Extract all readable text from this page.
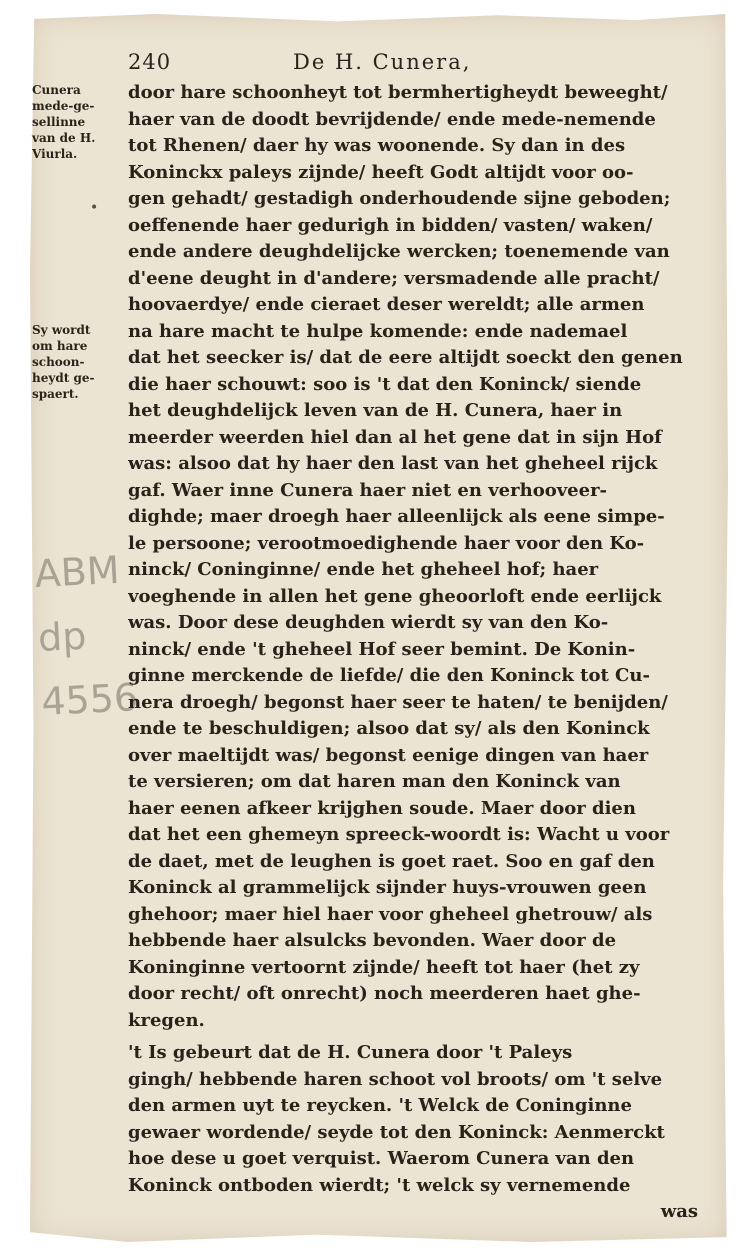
240	De H. Cunera,
Cunera
mede-ge-
sellinne
van de H.
Viurla.
•
Sy wordt
om hare
schoon-
heydt ge-
spaert.
ABM
dp
4556
door hare schoonheyt tot bermhertigheydt beweeght/
haer van de doodt bevrijdende/ ende mede-nemende
tot Rhenen/ daer hy was woonende. Sy dan in des
Koninckx paleys zijnde/ heeft Godt altijdt voor oo-
gen gehadt/ gestadigh onderhoudende sijne geboden;
oeffenende haer gedurigh in bidden/ vasten/ waken/
ende andere deughdelijcke wercken; toenemende van
d'eene deught in d'andere; versmadende alle pracht/
hoovaerdye/ ende cieraet deser wereldt; alle armen
na hare macht te hulpe komende: ende nademael
dat het seecker is/ dat de eere altijdt soeckt den genen
die haer schouwt: soo is 't dat den Koninck/ siende
het deughdelijck leven van de H. Cunera, haer in
meerder weerden hiel dan al het gene dat in sijn Hof
was: alsoo dat hy haer den last van het gheheel rijck
gaf. Waer inne Cunera haer niet en verhooveer-
dighde; maer droegh haer alleenlijck als eene simpe-
le persoone; verootmoedighende haer voor den Ko-
ninck/ Coninginne/ ende het gheheel hof; haer
voeghende in allen het gene gheoorloft ende eerlijck
was. Door dese deughden wierdt sy van den Ko-
ninck/ ende 't gheheel Hof seer bemint. De Konin-
ginne merckende de liefde/ die den Koninck tot Cu-
nera droegh/ begonst haer seer te haten/ te benijden/
ende te beschuldigen; alsoo dat sy/ als den Koninck
over maeltijdt was/ begonst eenige dingen van haer
te versieren; om dat haren man den Koninck van
haer eenen afkeer krijghen soude. Maer door dien
dat het een ghemeyn spreeck-woordt is: Wacht u voor
de daet, met de leughen is goet raet. Soo en gaf den
Koninck al grammelijck sijnder huys-vrouwen geen
ghehoor; maer hiel haer voor gheheel ghetrouw/ als
hebbende haer alsulcks bevonden. Waer door de
Koninginne vertoornt zijnde/ heeft tot haer (het zy
door recht/ oft onrecht) noch meerderen haet ghe-
kregen.
't Is gebeurt dat de H. Cunera door 't Paleys
gingh/ hebbende haren schoot vol broots/ om 't selve
den armen uyt te reycken. 't Welck de Coninginne
gewaer wordende/ seyde tot den Koninck: Aenmerckt
hoe dese u goet verquist. Waerom Cunera van den
Koninck ontboden wierdt; 't welck sy vernemende
was
